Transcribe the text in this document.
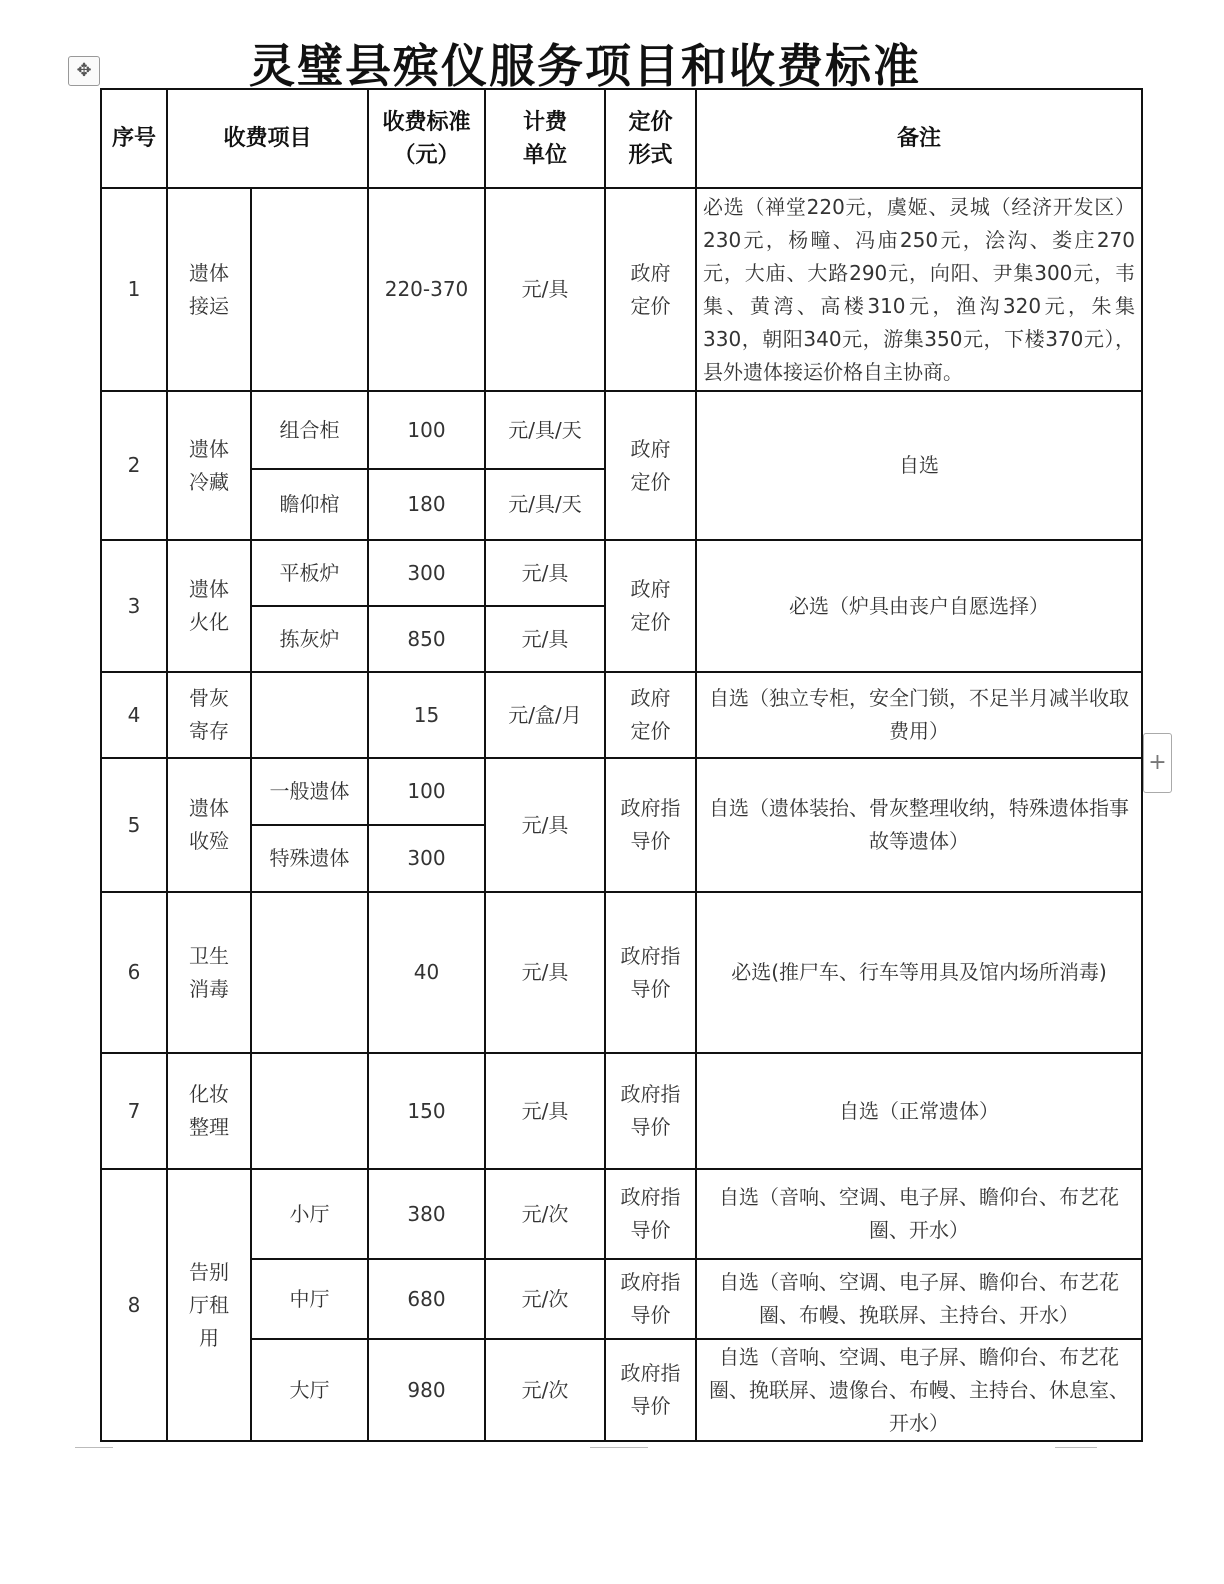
灵璧县殡仪服务项目和收费标准
✥
序号	收费项目		收费标准（元）	计费单位	定价形式	备注
1	遗体接运		220-370	元/具	政府定价	必选（禅堂220元，虞姬、灵城（经济开发区）230元，杨疃、冯庙250元，浍沟、娄庄270元，大庙、大路290元，向阳、尹集300元，韦集、黄湾、高楼310元，渔沟320元，朱集330，朝阳340元，游集350元，下楼370元），县外遗体接运价格自主协商。
2	遗体冷藏	组合柜	100	元/具/天	政府定价	自选
		瞻仰棺	180	元/具/天		
3	遗体火化	平板炉	300	元/具	政府定价	必选（炉具由丧户自愿选择）
		拣灰炉	850	元/具		
4	骨灰寄存		15	元/盒/月	政府定价	自选（独立专柜，安全门锁，不足半月减半收取费用）
5	遗体收殓	一般遗体	100	元/具	政府指导价	自选（遗体装抬、骨灰整理收纳，特殊遗体指事故等遗体）
		特殊遗体	300			
6	卫生消毒		40	元/具	政府指导价	必选(推尸车、行车等用具及馆内场所消毒)
7	化妆整理		150	元/具	政府指导价	自选（正常遗体）
8	告别厅租用	小厅	380	元/次	政府指导价	自选（音响、空调、电子屏、瞻仰台、布艺花圈、开水）
		中厅	680	元/次	政府指导价	自选（音响、空调、电子屏、瞻仰台、布艺花圈、布幔、挽联屏、主持台、开水）
		大厅	980	元/次	政府指导价	自选（音响、空调、电子屏、瞻仰台、布艺花圈、挽联屏、遗像台、布幔、主持台、休息室、开水）
+
